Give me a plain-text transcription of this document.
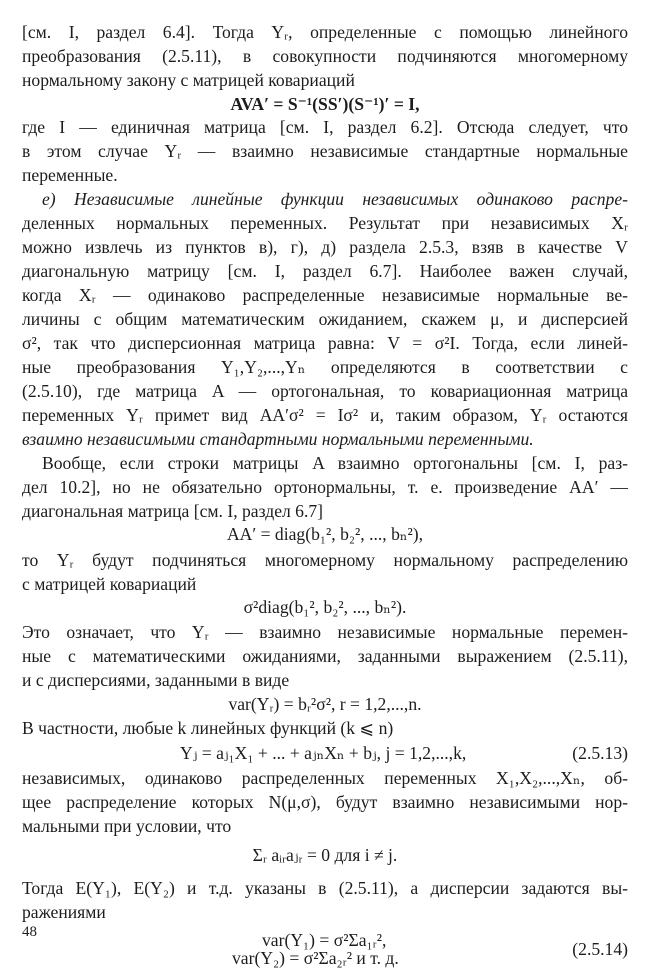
[см. I, раздел 6.4]. Тогда Yᵣ, определенные с помощью линейного
преобразования (2.5.11), в совокупности подчиняются многомерному
нормальному закону с матрицей ковариаций
AVA′ = S⁻¹(SS′)(S⁻¹)′ = I,
где I — единичная матрица [см. I, раздел 6.2]. Отсюда следует, что
в этом случае Yᵣ — взаимно независимые стандартные нормальные
переменные.
e) Независимые линейные функции независимых одинаково распре-
деленных нормальных переменных. Результат при независимых Xᵣ
можно извлечь из пунктов в), г), д) раздела 2.5.3, взяв в качестве V
диагональную матрицу [см. I, раздел 6.7]. Наиболее важен случай,
когда Xᵣ — одинаково распределенные независимые нормальные ве-
личины с общим математическим ожиданием, скажем μ, и дисперсией
σ², так что дисперсионная матрица равна: V = σ²I. Тогда, если линей-
ные преобразования Y₁,Y₂,...,Yₙ определяются в соответствии с
(2.5.10), где матрица A — ортогональная, то ковариационная матрица
переменных Yᵣ примет вид AA′σ² = Iσ² и, таким образом, Yᵣ остаются
взаимно независимыми стандартными нормальными переменными.
Вообще, если строки матрицы A взаимно ортогональны [см. I, раз-
дел 10.2], но не обязательно ортонормальны, т. е. произведение AA′ —
диагональная матрица [см. I, раздел 6.7]
AA′ = diag(b₁², b₂², ..., bₙ²),
то Yᵣ будут подчиняться многомерному нормальному распределению
с матрицей ковариаций
σ²diag(b₁², b₂², ..., bₙ²).
Это означает, что Yᵣ — взаимно независимые нормальные перемен-
ные с математическими ожиданиями, заданными выражением (2.5.11),
и с дисперсиями, заданными в виде
var(Yᵣ) = bᵣ²σ², r = 1,2,...,n.
В частности, любые k линейных функций (k ⩽ n)
Yⱼ = aⱼ₁X₁ + ... + aⱼₙXₙ + bⱼ, j = 1,2,...,k,	(2.5.13)
независимых, одинаково распределенных переменных X₁,X₂,...,Xₙ, об-
щее распределение которых N(μ,σ), будут взаимно независимыми нор-
мальными при условии, что
Σᵣ aᵢᵣaⱼᵣ = 0 для i ≠ j.
Тогда E(Y₁), E(Y₂) и т.д. указаны в (2.5.11), а дисперсии задаются вы-
ражениями
48	var(Y₁) = σ²Σa₁ᵣ²,
var(Y₂) = σ²Σa₂ᵣ² и т. д.	(2.5.14)
